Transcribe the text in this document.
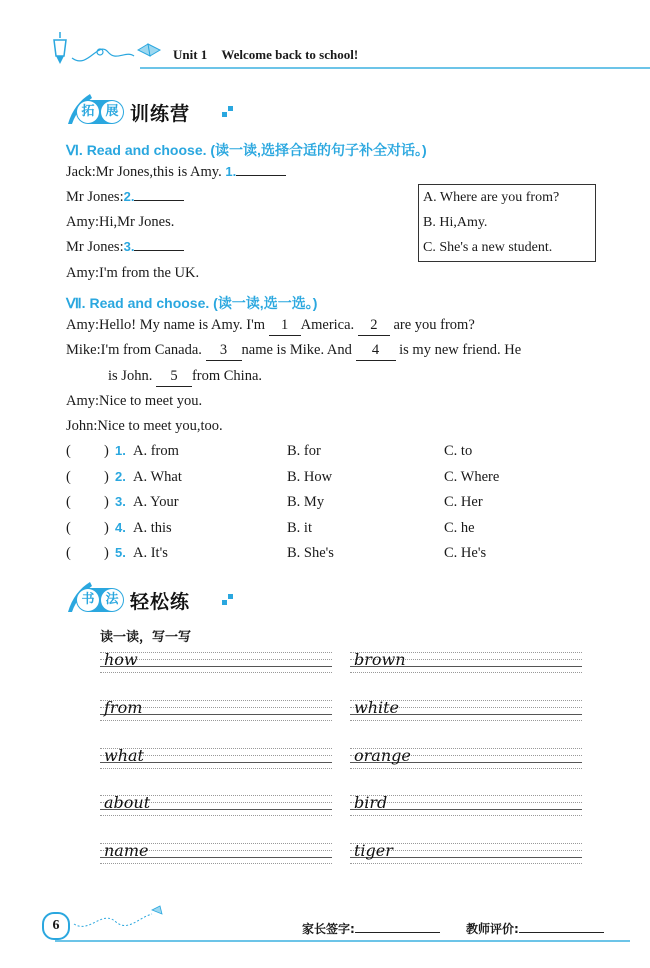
Unit 1 Welcome back to school!
拓 展 训练营
Ⅵ. Read and choose. (读一读,选择合适的句子补全对话。)
Jack:Mr Jones,this is Amy. 1.
Mr Jones:2.
Amy:Hi,Mr Jones.
Mr Jones:3.
Amy:I'm from the UK.
A. Where are you from?
B. Hi,Amy.
C. She's a new student.
Ⅶ. Read and choose. (读一读,选一选。)
Amy:Hello! My name is Amy. I'm 1 America. 2 are you from?
Mike:I'm from Canada. 3 name is Mike. And 4 is my new friend. He
is John. 5 from China.
Amy:Nice to meet you.
John:Nice to meet you,too.
( ) 1. A. from	B. for	C. to
( ) 2. A. What	B. How	C. Where
( ) 3. A. Your	B. My	C. Her
( ) 4. A. this	B. it	C. he
( ) 5. A. It's	B. She's	C. He's
书 法 轻松练
读一读，写一写
how	brown
from	white
what	orange
about	bird
name	tiger
6	家长签字:	教师评价:
